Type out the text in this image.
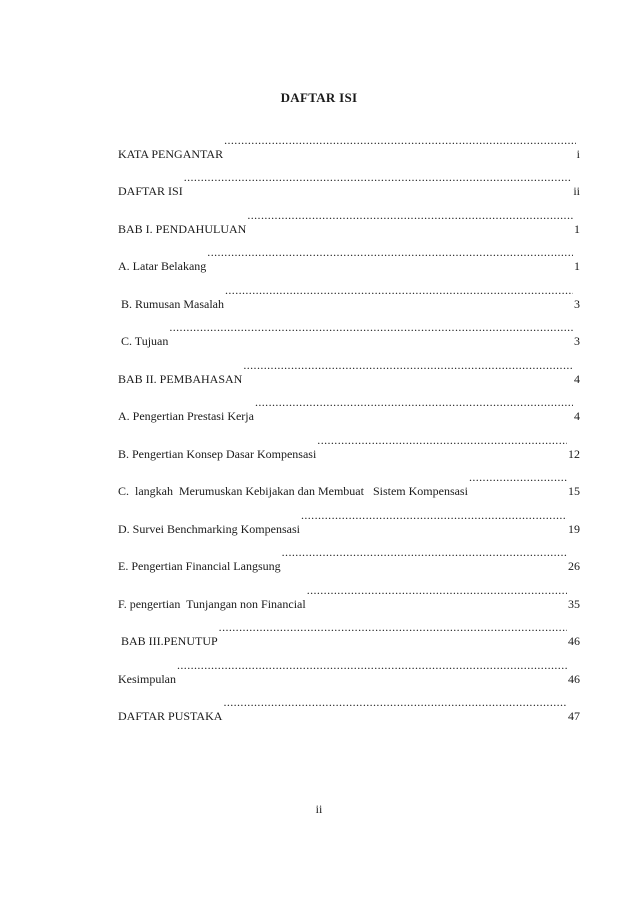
DAFTAR ISI
KATA PENGANTAR .....	i
DAFTAR ISI .....	ii
BAB I. PENDAHULUAN .....	1
A. Latar Belakang .....	1
B. Rumusan Masalah .....	3
C. Tujuan .....	3
BAB II. PEMBAHASAN .....	4
A. Pengertian Prestasi Kerja .....	4
B. Pengertian Konsep Dasar Kompensasi .....	12
C.  langkah  Merumuskan Kebijakan dan Membuat   Sistem Kompensasi .....	15
D. Survei Benchmarking Kompensasi .....	19
E. Pengertian Financial Langsung .....	26
F. pengertian  Tunjangan non Financial .....	35
BAB III.PENUTUP .....	46
Kesimpulan .....	46
DAFTAR PUSTAKA .....	47
ii
